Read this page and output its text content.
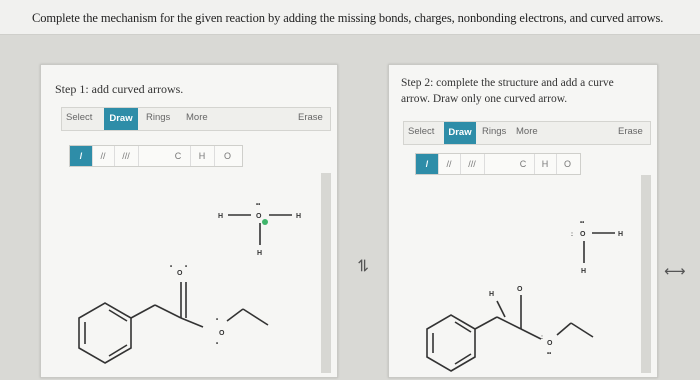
Complete the mechanism for the given reaction by adding the missing bonds, charges, nonbonding electrons, and curved arrows.
Step 1: add curved arrows.
Select	Draw	Rings More	Erase
/	//	///	C	H	O
H	O	H
H
O
O
••
• •
•
•
⇌
Step 2: complete the structure and add a curve
arrow. Draw only one curved arrow.
Select	Draw	Rings More	Erase
/	//	///	C	H	O
H
O
O	H
H
O
:
••
:
••
⟷
